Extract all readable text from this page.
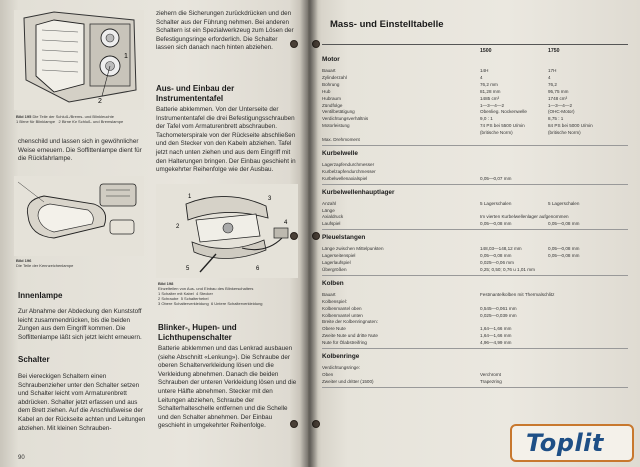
1
2
Bild 195 Die Teile der Schluß-/Brems- und Blinkleuchte
1 Birne für Blinklampe 2 Birne für Schluß- und Bremslampe
chenschild und lassen sich in gewöhnlicher Weise erneuern. Die Soffittenlampe dient für die Rückfahrlampe.
Bild 196
Die Teile der Kennzeichenlampe
Innenlampe
Zur Abnahme der Abdeckung den Kunststoff leicht zusammendrücken, bis die beiden Zungen aus dem Eingriff kommen. Die Soffittenlampe läßt sich jetzt leicht erneuern.
Schalter
Bei viereckigen Schaltern einen Schraubenzieher unter den Schalter setzen und Schalter leicht vom Armaturenbrett abdrücken. Schalter jetzt erfassen und aus dem Brett ziehen. Auf die Anschlußweise der Kabel an der Rückseite achten und Leitungen abziehen. Mit kleinen Schrauben-
90
ziehern die Sicherungen zurückdrücken und den Schalter aus der Führung nehmen. Bei anderen Schaltern ist ein Spezialwerkzeug zum Lösen der Befestigungsringe erforderlich. Die Schalter lassen sich danach nach hinten abziehen.
Aus- und Einbau der Instrumententafel
Batterie abklemmen. Von der Unterseite der Instrumententafel die drei Befestigungsschrauben der Tafel vom Armaturenbrett abschrauben. Tachometerspirale von der Rückseite abschließen und den Stecker von den Kabeln abziehen. Tafel jetzt nach unten ziehen und aus dem Eingriff mit den Halterungen bringen. Der Einbau geschieht in umgekehrter Reihenfolge wie der Ausbau.
1
2
3
4
5	6
Bild 198
Einzelteilen von Aus- und Einbau des Blinkerschalters
1 Schalter mit Kabel 4 Stecker
2 Schraube 5 Schalterhebel
3 Obere Schalterverkleidung 6 Untere Schalterverkleidung
Blinker-, Hupen- und Lichthupenschalter
Batterie abklemmen und das Lenkrad ausbauen (siehe Abschnitt «Lenkung»). Die Schraube der oberen Schalterverkleidung lösen und die Verkleidung abnehmen. Danach die beiden Schrauben der unteren Verkleidung lösen und die untere Hälfte abnehmen. Stecker mit den Leitungen abziehen, Schraube der Schalterhalteschelle entfernen und die Schelle und den Schalter abnehmen. Der Einbau geschieht in umgekehrter Reihenfolge.
Mass- und Einstelltabelle
1500	1750
Motor
Bauart	14H	17H
Zylinderzahl	4	4
Bohrung	76,2 mm	76,2
Hub	81,28 mm	95,75 mm
Hubraum	1485 cm³	1748 cm³
Zündfolge	1—3—4—2	1—3—4—2
Ventilbetätigung	Obenlieg. Nockenwelle	(OHC-Motor)
Verdichtungsverhältnis	9,0 : 1	8,75 : 1
Motorleistung	74 PS bei 5500 U/min	84 PS bei 5000 U/min
(britische Norm)	(britische Norm)
Max. Drehmoment
Kurbelwelle
Lagerzapfendurchmesser
Kurbelzapfendurchmesser
Kurbelwellenaxialspiel	0,05—0,07 mm
Kurbelwellenhauptlager
Anzahl	5 Lagerschalen	5 Lagerschalen
Länge
Axialdruck	Im vierten Kurbelwellenlager aufgenommen
Laufspiel	0,05—0,08 mm	0,05—0,08 mm
Pleuelstangen
Länge zwischen Mittelpunkten	148,03—148,12 mm	0,05—0,08 mm
Lagerseitenspiel	0,05—0,08 mm	0,05—0,08 mm
Lagerlaufspiel	0,025—0,06 mm
Übergrößen	0,25; 0,50; 0,76 u 1,01 mm
Kolben
Bauart	Festmantelkolben mit Thermalschlitz
Kolbenspiel:
Kolbenmantel oben	0,545—0,061 mm
Kolbenmantel unten	0,025—0,039 mm
Breite der Kolbenringnuten:
Obere Nute	1,64—1,66 mm
Zweite Nute und dritte Nute	1,64—1,66 mm
Nute für Ölabstreifring	4,96—4,99 mm
Kolbenringe
Verdichtungsringe:
Oben	Verchromt
Zweiter und dritter (1500)	Trapezring
Toplit
